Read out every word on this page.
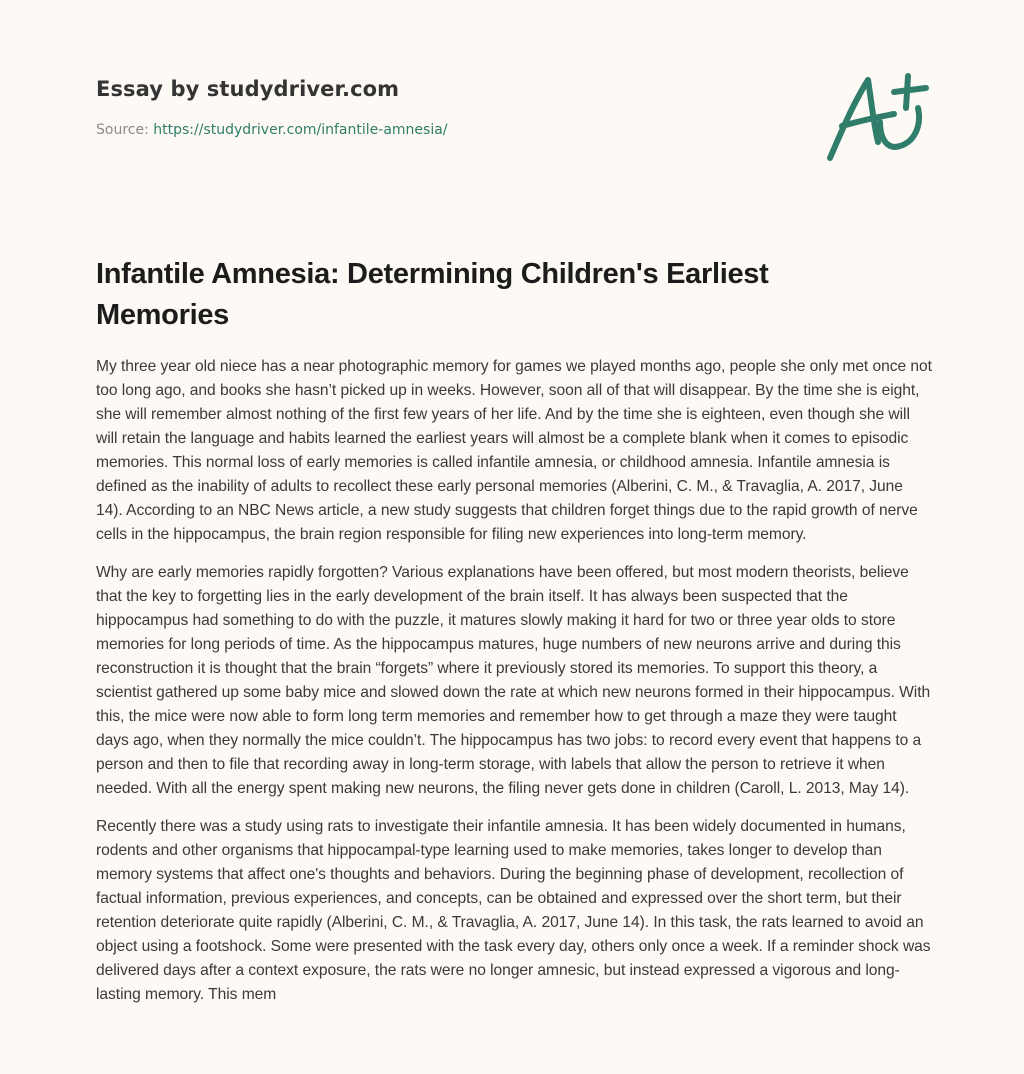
Essay by studydriver.com
Source: https://studydriver.com/infantile-amnesia/
Infantile Amnesia: Determining Children's Earliest Memories

My three year old niece has a near photographic memory for games we played months ago, people she only met once not too long ago, and books she hasn’t picked up in weeks. However, soon all of that will disappear. By the time she is eight, she will remember almost nothing of the first few years of her life. And by the time she is eighteen, even though she will will retain the language and habits learned the earliest years will almost be a complete blank when it comes to episodic memories. This normal loss of early memories is called infantile amnesia, or childhood amnesia. Infantile amnesia is defined as the inability of adults to recollect these early personal memories (Alberini, C. M., & Travaglia, A. 2017, June 14). According to an NBC News article, a new study suggests that children forget things due to the rapid growth of nerve cells in the hippocampus, the brain region responsible for filing new experiences into long-term memory.

Why are early memories rapidly forgotten? Various explanations have been offered, but most modern theorists, believe that the key to forgetting lies in the early development of the brain itself. It has always been suspected that the hippocampus had something to do with the puzzle, it matures slowly making it hard for two or three year olds to store memories for long periods of time. As the hippocampus matures, huge numbers of new neurons arrive and during this reconstruction it is thought that the brain “forgets” where it previously stored its memories. To support this theory, a scientist gathered up some baby mice and slowed down the rate at which new neurons formed in their hippocampus. With this, the mice were now able to form long term memories and remember how to get through a maze they were taught days ago, when they normally the mice couldn’t. The hippocampus has two jobs: to record every event that happens to a person and then to file that recording away in long-term storage, with labels that allow the person to retrieve it when needed. With all the energy spent making new neurons, the filing never gets done in children (Caroll, L. 2013, May 14).

Recently there was a study using rats to investigate their infantile amnesia. It has been widely documented in humans, rodents and other organisms that hippocampal-type learning used to make memories, takes longer to develop than memory systems that affect one's thoughts and behaviors. During the beginning phase of development, recollection of factual information, previous experiences, and concepts, can be obtained and expressed over the short term, but their retention deteriorate quite rapidly (Alberini, C. M., & Travaglia, A. 2017, June 14). In this task, the rats learned to avoid an object using a footshock. Some were presented with the task every day, others only once a week. If a reminder shock was delivered days after a context exposure, the rats were no longer amnesic, but instead expressed a vigorous and long-lasting memory. This mem
